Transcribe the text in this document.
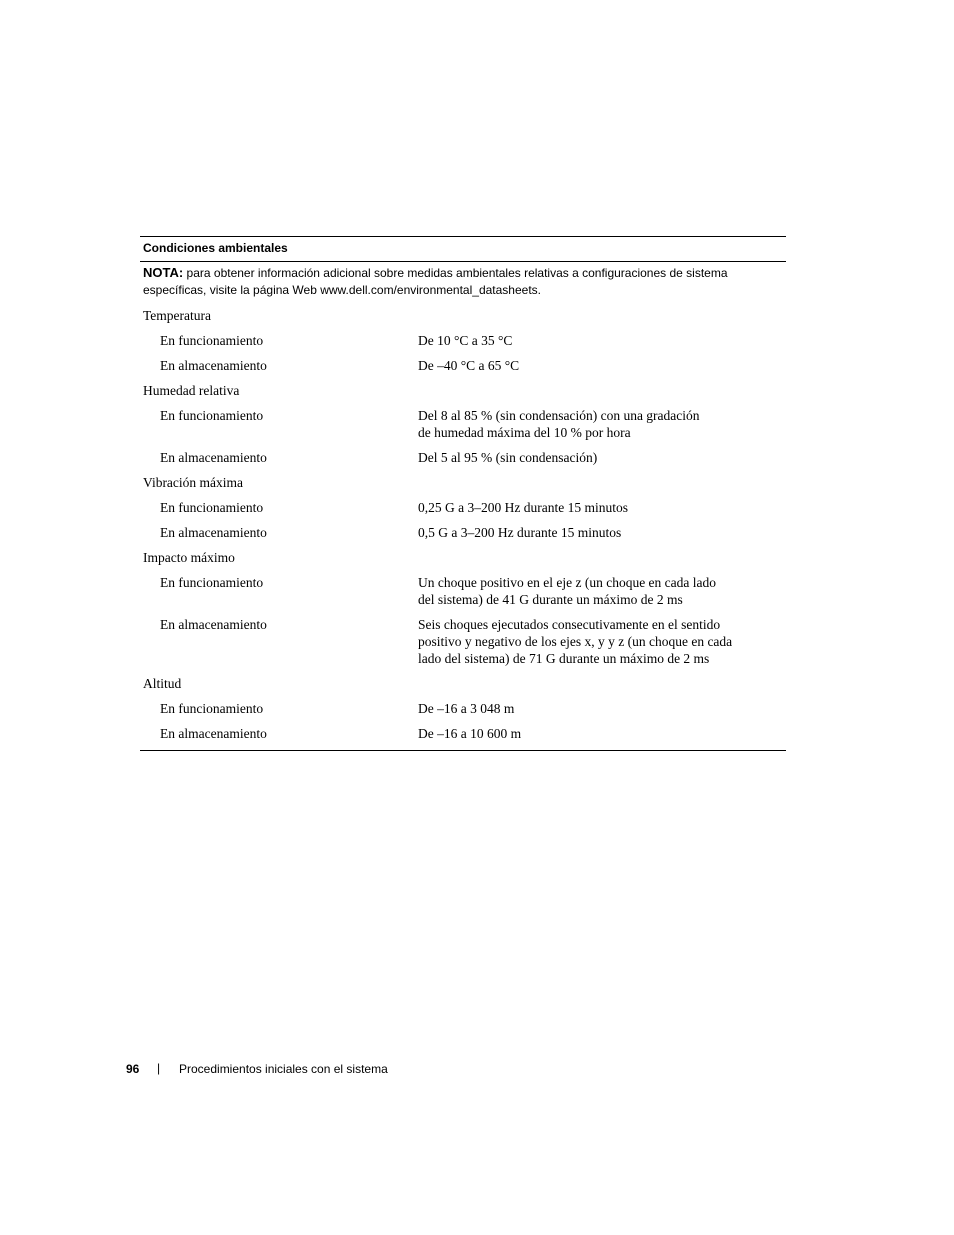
Condiciones ambientales
NOTA: para obtener información adicional sobre medidas ambientales relativas a configuraciones de sistema específicas, visite la página Web www.dell.com/environmental_datasheets.
Temperatura
En funcionamiento	De 10 °C a 35 °C
En almacenamiento	De –40 °C a 65 °C
Humedad relativa
En funcionamiento	Del 8 al 85 % (sin condensación) con una gradación
de humedad máxima del 10 % por hora
En almacenamiento	Del 5 al 95 % (sin condensación)
Vibración máxima
En funcionamiento	0,25 G a 3–200 Hz durante 15 minutos
En almacenamiento	0,5 G a 3–200 Hz durante 15 minutos
Impacto máximo
En funcionamiento	Un choque positivo en el eje z (un choque en cada lado
del sistema) de 41 G durante un máximo de 2 ms
En almacenamiento	Seis choques ejecutados consecutivamente en el sentido
positivo y negativo de los ejes x, y y z (un choque en cada
lado del sistema) de 71 G durante un máximo de 2 ms
Altitud
En funcionamiento	De –16 a 3 048 m
En almacenamiento	De –16 a 10 600 m
96 | Procedimientos iniciales con el sistema
